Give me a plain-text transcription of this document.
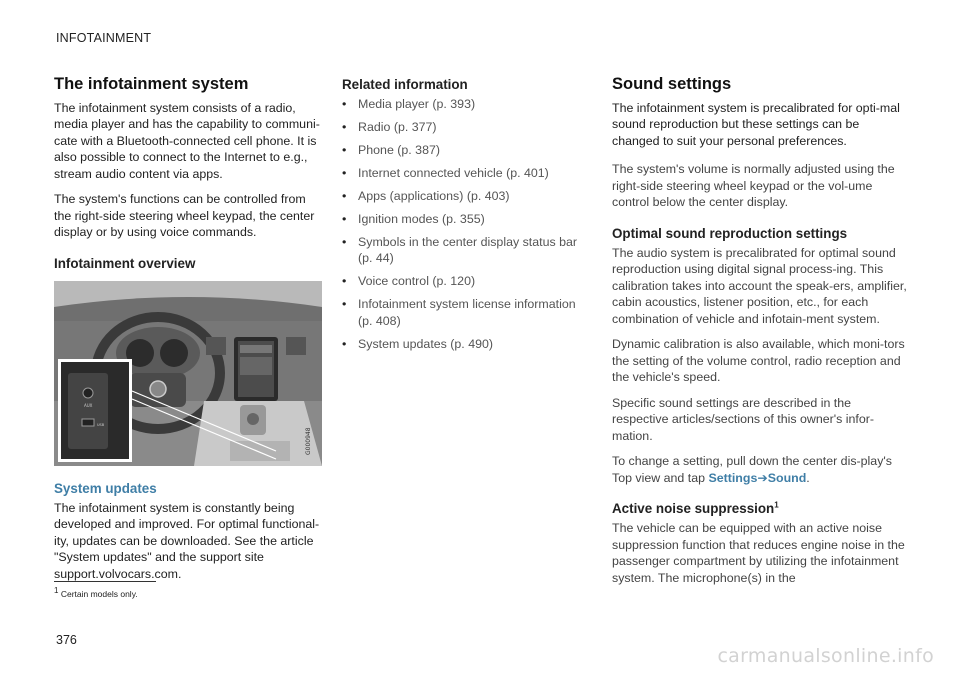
INFOTAINMENT
The infotainment system

The infotainment system consists of a radio, media player and has the capability to communi-cate with a Bluetooth-connected cell phone. It is also possible to connect to the Internet to e.g., stream audio content via apps.

The system's functions can be controlled from the right-side steering wheel keypad, the center display or by using voice commands.

Infotainment overview
G000948
AUX
USB
System updates

The infotainment system is constantly being developed and improved. For optimal functional-ity, updates can be downloaded. See the article "System updates" and the support site support.volvocars.com.

Related information
• Media player (p. 393)
• Radio (p. 377)
• Phone (p. 387)
• Internet connected vehicle (p. 401)
• Apps (applications) (p. 403)
• Ignition modes (p. 355)
• Symbols in the center display status bar (p. 44)
• Voice control (p. 120)
• Infotainment system license information (p. 408)
• System updates (p. 490)
Sound settings

The infotainment system is precalibrated for opti-mal sound reproduction but these settings can be changed to suit your personal preferences.

The system's volume is normally adjusted using the right-side steering wheel keypad or the vol-ume control below the center display.

Optimal sound reproduction settings

The audio system is precalibrated for optimal sound reproduction using digital signal process-ing. This calibration takes into account the speak-ers, amplifier, cabin acoustics, listener position, etc., for each combination of vehicle and infotain-ment system.

Dynamic calibration is also available, which moni-tors the setting of the volume control, radio reception and the vehicle's speed.

Specific sound settings are described in the respective articles/sections of this owner's infor-mation.

To change a setting, pull down the center dis-play's Top view and tap Settings➔Sound.

Active noise suppression$^1$

The vehicle can be equipped with an active noise suppression function that reduces engine noise in the passenger compartment by utilizing the infotainment system. The microphone(s) in the

$^1$ Certain models only.
376
carmanualsonline.info
